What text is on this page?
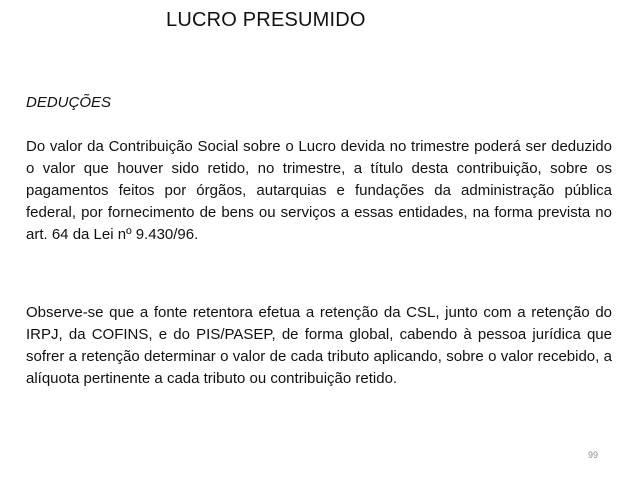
LUCRO PRESUMIDO
DEDUÇÕES

Do valor da Contribuição Social sobre o Lucro devida no trimestre poderá ser deduzido o valor que houver sido retido, no trimestre, a título desta contribuição, sobre os pagamentos feitos por órgãos, autarquias e fundações da administração pública federal, por fornecimento de bens ou serviços a essas entidades, na forma prevista no art. 64 da Lei nº 9.430/96.

Observe-se que a fonte retentora efetua a retenção da CSL, junto com a retenção do IRPJ, da COFINS, e do PIS/PASEP, de forma global, cabendo à pessoa jurídica que sofrer a retenção determinar o valor de cada tributo aplicando, sobre o valor recebido, a alíquota pertinente a cada tributo ou contribuição retido.

99
